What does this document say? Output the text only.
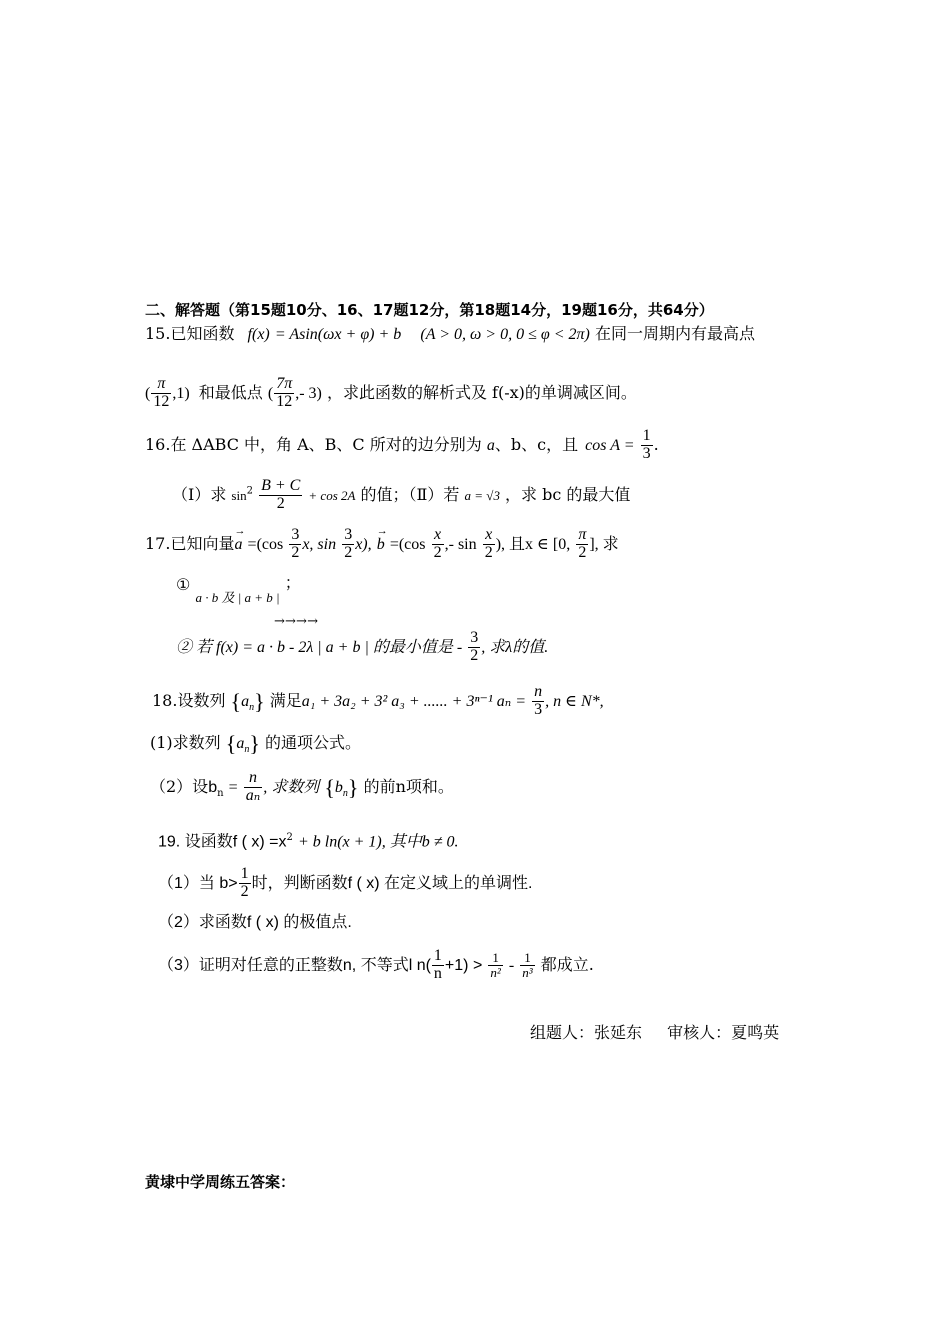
二、解答题（第15题10分、16、17题12分，第18题14分，19题16分，共64分）
15.已知函数 f(x) = Asin(ωx + φ) + b (A > 0, ω > 0, 0 ≤ φ < 2π) 在同一周期内有最高点
( $\frac{\pi}{12} ,1$) 和最低点 ( $\frac{7\pi}{12}$ ,- 3) ，求此函数的解析式及 f(-x)的单调减区间。
16.在 ΔABC 中，角 A、B、C 所对的边分别为 a、b、c，且 $\cos A = \frac{1}{3}$ .
（Ⅰ）求 $\sin^2 \frac{B + C}{2} + \cos 2A$ 的值；（Ⅱ）若 a = √3 ，求 bc 的最大值
17.已知向量→ $a =(\cos \frac{3}{2} x$, $\sin \frac{3}{2} x$), → $b =(\cos \frac{x}{2}$ ,- $\sin \frac{x}{2}$ ), 且x ∈ [0, $\frac{\pi}{2}$ ], 求
① $_{a \cdot b 及 | a + b |}$ ；
→ → → →
② 若 f(x) = a · b - 2λ | a + b | 的最小值是 - $\frac{3}{2}$ , 求λ的值.
18.设数列 $\{a_n\}$ 满足a₁ + 3a₂ + 3² a₃ + ...... + 3ⁿ⁻¹ $a_n = \frac{n}{3}$ , n ∈ N*,
(1)求数列 $\{a_n\}$ 的通项公式。
（2）设$b_n = \frac{n}{\text{aₙ}}$ , 求数列 $\{b_n\}$ 的前n项和。
19. 设函数f ( $x) =x^2 + b$ ln(x + 1), 其中b ≠ 0.
（1）当 $b> \frac{1}{2}$ 时，判断函数f ( x) 在定义域上的单调性.
（2）求函数f ( x) 的极值点.
（3）证明对任意的正整数n, 不等式l $n( \frac{1}{n} +1) > \frac{1}{\text{n²}} - \frac{1}{\text{n³}}$ 都成立.
组题人：张延东 审核人：夏鸣英
黄埭中学周练五答案：
